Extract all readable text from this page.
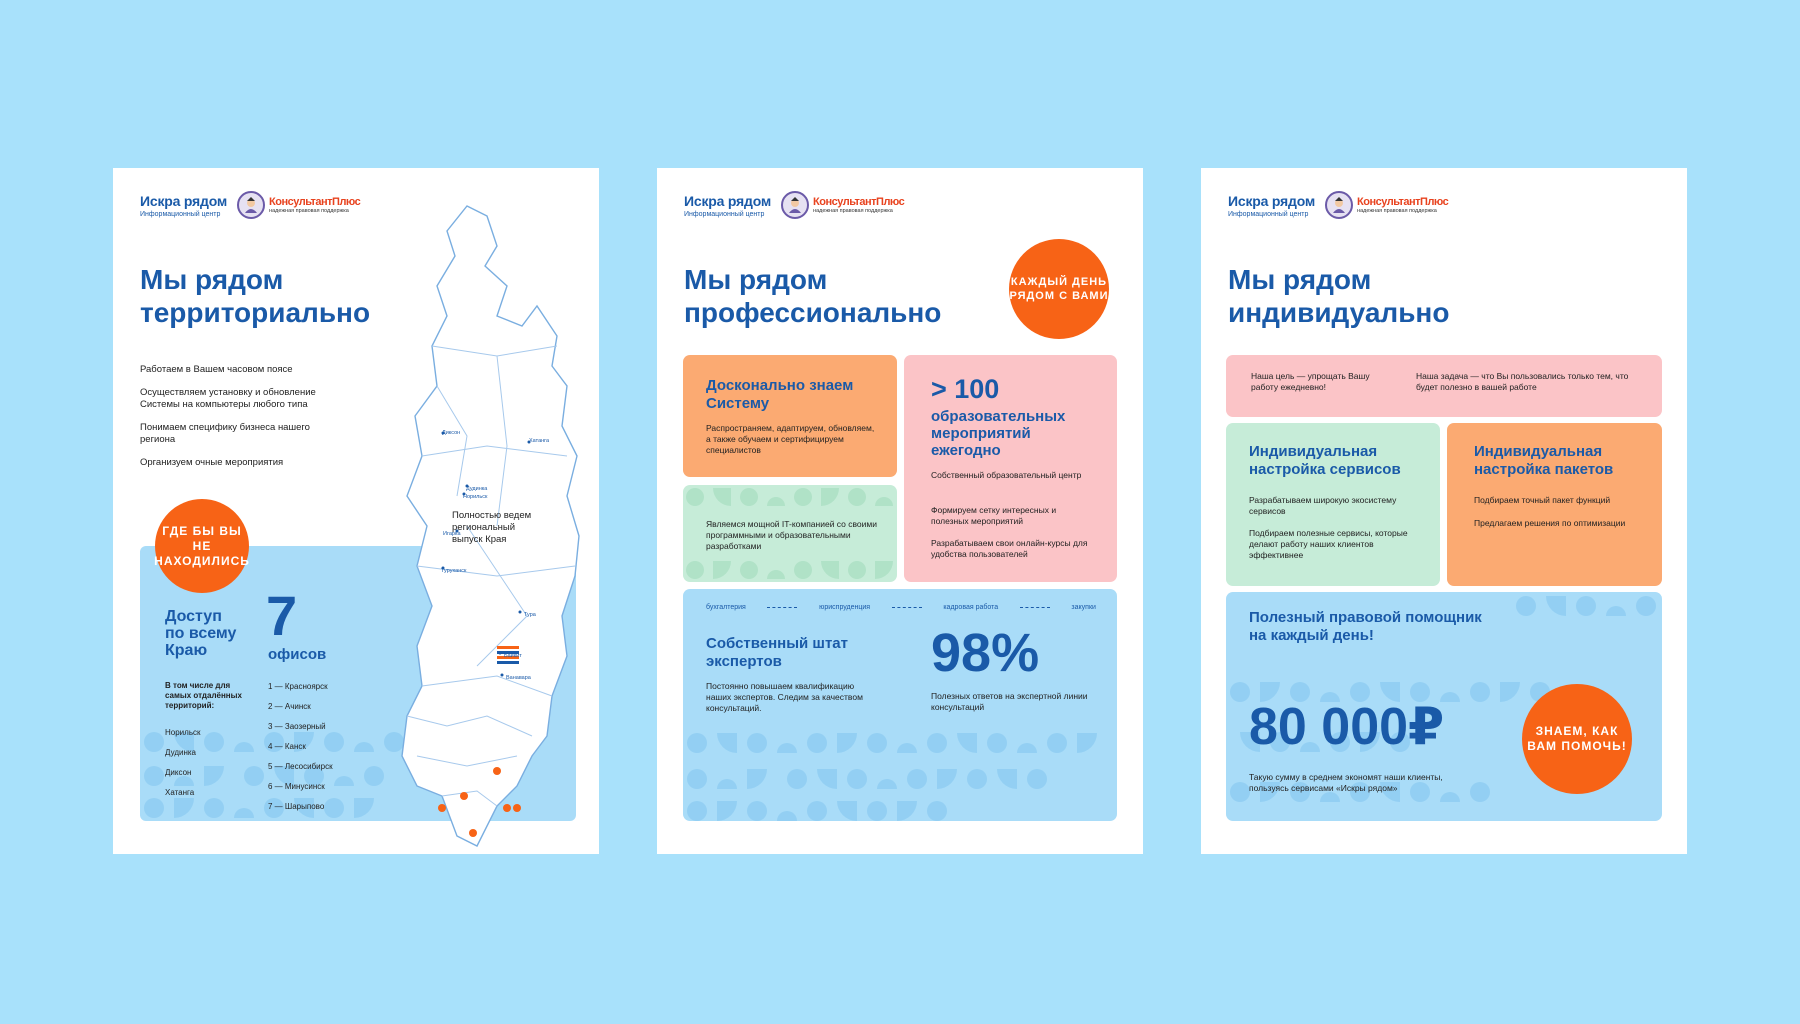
Искра рядом
Информационный центр
КонсультантПлюс
надежная правовая поддержка
Мы рядом
территориально

Работаем в Вашем часовом поясе

Осуществляем установку и обновление Системы на компьютеры любого типа

Понимаем специфику бизнеса нашего региона

Организуем очные мероприятия

Диксон
Хатанга
Дудинка
Норильск
Игарка
Туруханск
Тура
Байкит
Ванавара
Полностью ведем региональный выпуск Края
ГДЕ БЫ ВЫ НЕ НАХОДИЛИСЬ
Доступ
по всему
Краю
7
офисов
В том числе для самых отдалённых территорий:

Норильск

Дудинка

Диксон

Хатанга

1 — Красноярск

2 — Ачинск

3 — Заозерный

4 — Канск

5 — Лесосибирск

6 — Минусинск

7 — Шарыпово

Искра рядом
Информационный центр
КонсультантПлюс
надежная правовая поддержка
Мы рядом
профессионально
КАЖДЫЙ ДЕНЬ РЯДОМ С ВАМИ
Досконально знаем Систему
Распространяем, адаптируем, обновляем, а также обучаем и сертифицируем специалистов
Являемся мощной IT-компанией со своими программными и образовательными разработками
> 100
образовательных мероприятий ежегодно
Собственный образовательный центр
Формируем сетку интересных и полезных мероприятий
Разрабатываем свои онлайн-курсы для удобства пользователей
бухгалтерия	юриспруденция	кадровая работа	закупки
Собственный штат экспертов
Постоянно повышаем квалификацию наших экспертов. Следим за качеством консультаций.
98%
Полезных ответов на экспертной линии консультаций
Искра рядом
Информационный центр
КонсультантПлюс
надежная правовая поддержка
Мы рядом
индивидуально
Наша цель — упрощать Вашу работу ежедневно!
Наша задача — что Вы пользовались только тем, что будет полезно в вашей работе
Индивидуальная настройка сервисов
Разрабатываем широкую экосистему сервисов
Подбираем полезные сервисы, которые делают работу наших клиентов эффективнее
Индивидуальная настройка пакетов
Подбираем точный пакет функций
Предлагаем решения по оптимизации
Полезный правовой помощник на каждый день!
80 000₽
Такую сумму в среднем экономят наши клиенты, пользуясь сервисами «Искры рядом»
ЗНАЕМ, КАК ВАМ ПОМОЧЬ!
